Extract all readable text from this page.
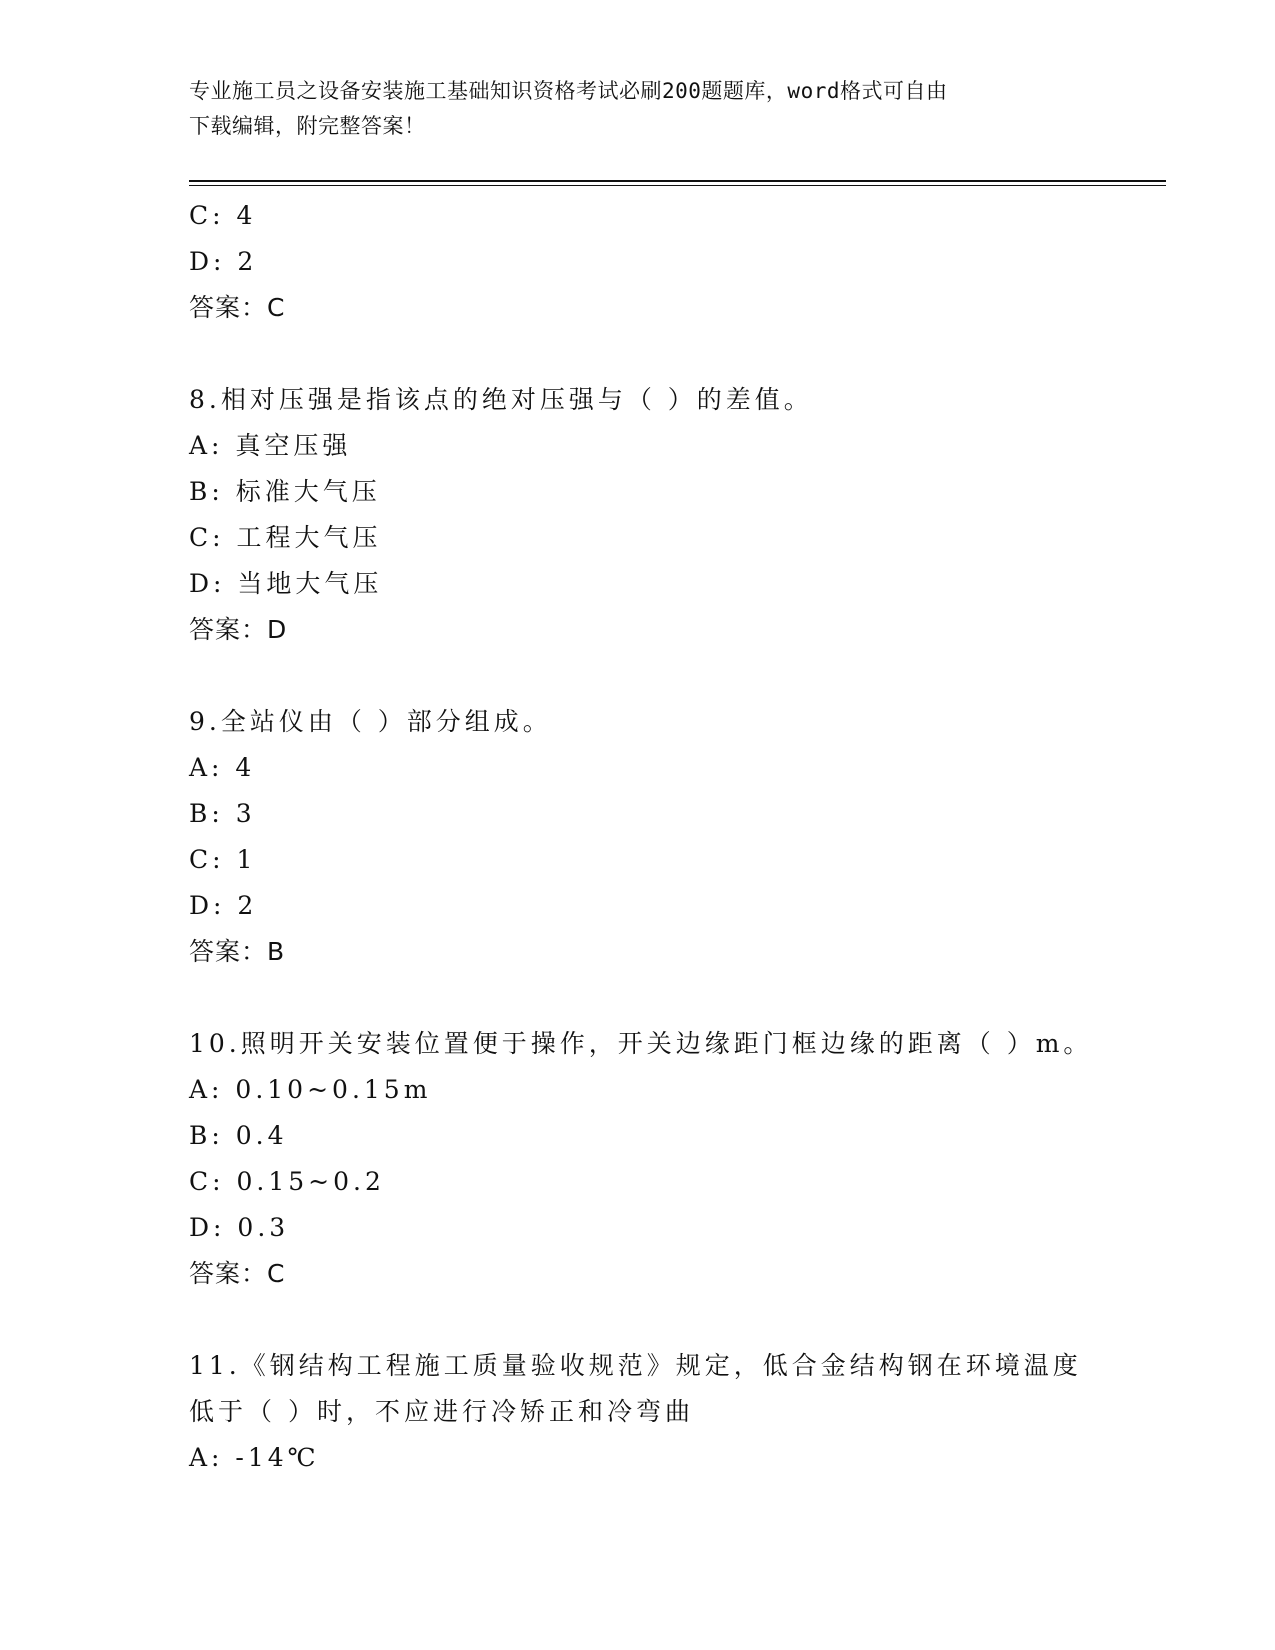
专业施工员之设备安装施工基础知识资格考试必刷200题题库，word格式可自由
下载编辑，附完整答案！
C: 4
D: 2
答案：C
8.相对压强是指该点的绝对压强与（ ）的差值。
A: 真空压强
B: 标准大气压
C: 工程大气压
D: 当地大气压
答案：D
9.全站仪由（ ）部分组成。
A: 4
B: 3
C: 1
D: 2
答案：B
10.照明开关安装位置便于操作，开关边缘距门框边缘的距离（ ）m。
A: 0.10~0.15m
B: 0.4
C: 0.15~0.2
D: 0.3
答案：C
11.《钢结构工程施工质量验收规范》规定，低合金结构钢在环境温度
低于（ ）时，不应进行冷矫正和冷弯曲
A: -14℃
